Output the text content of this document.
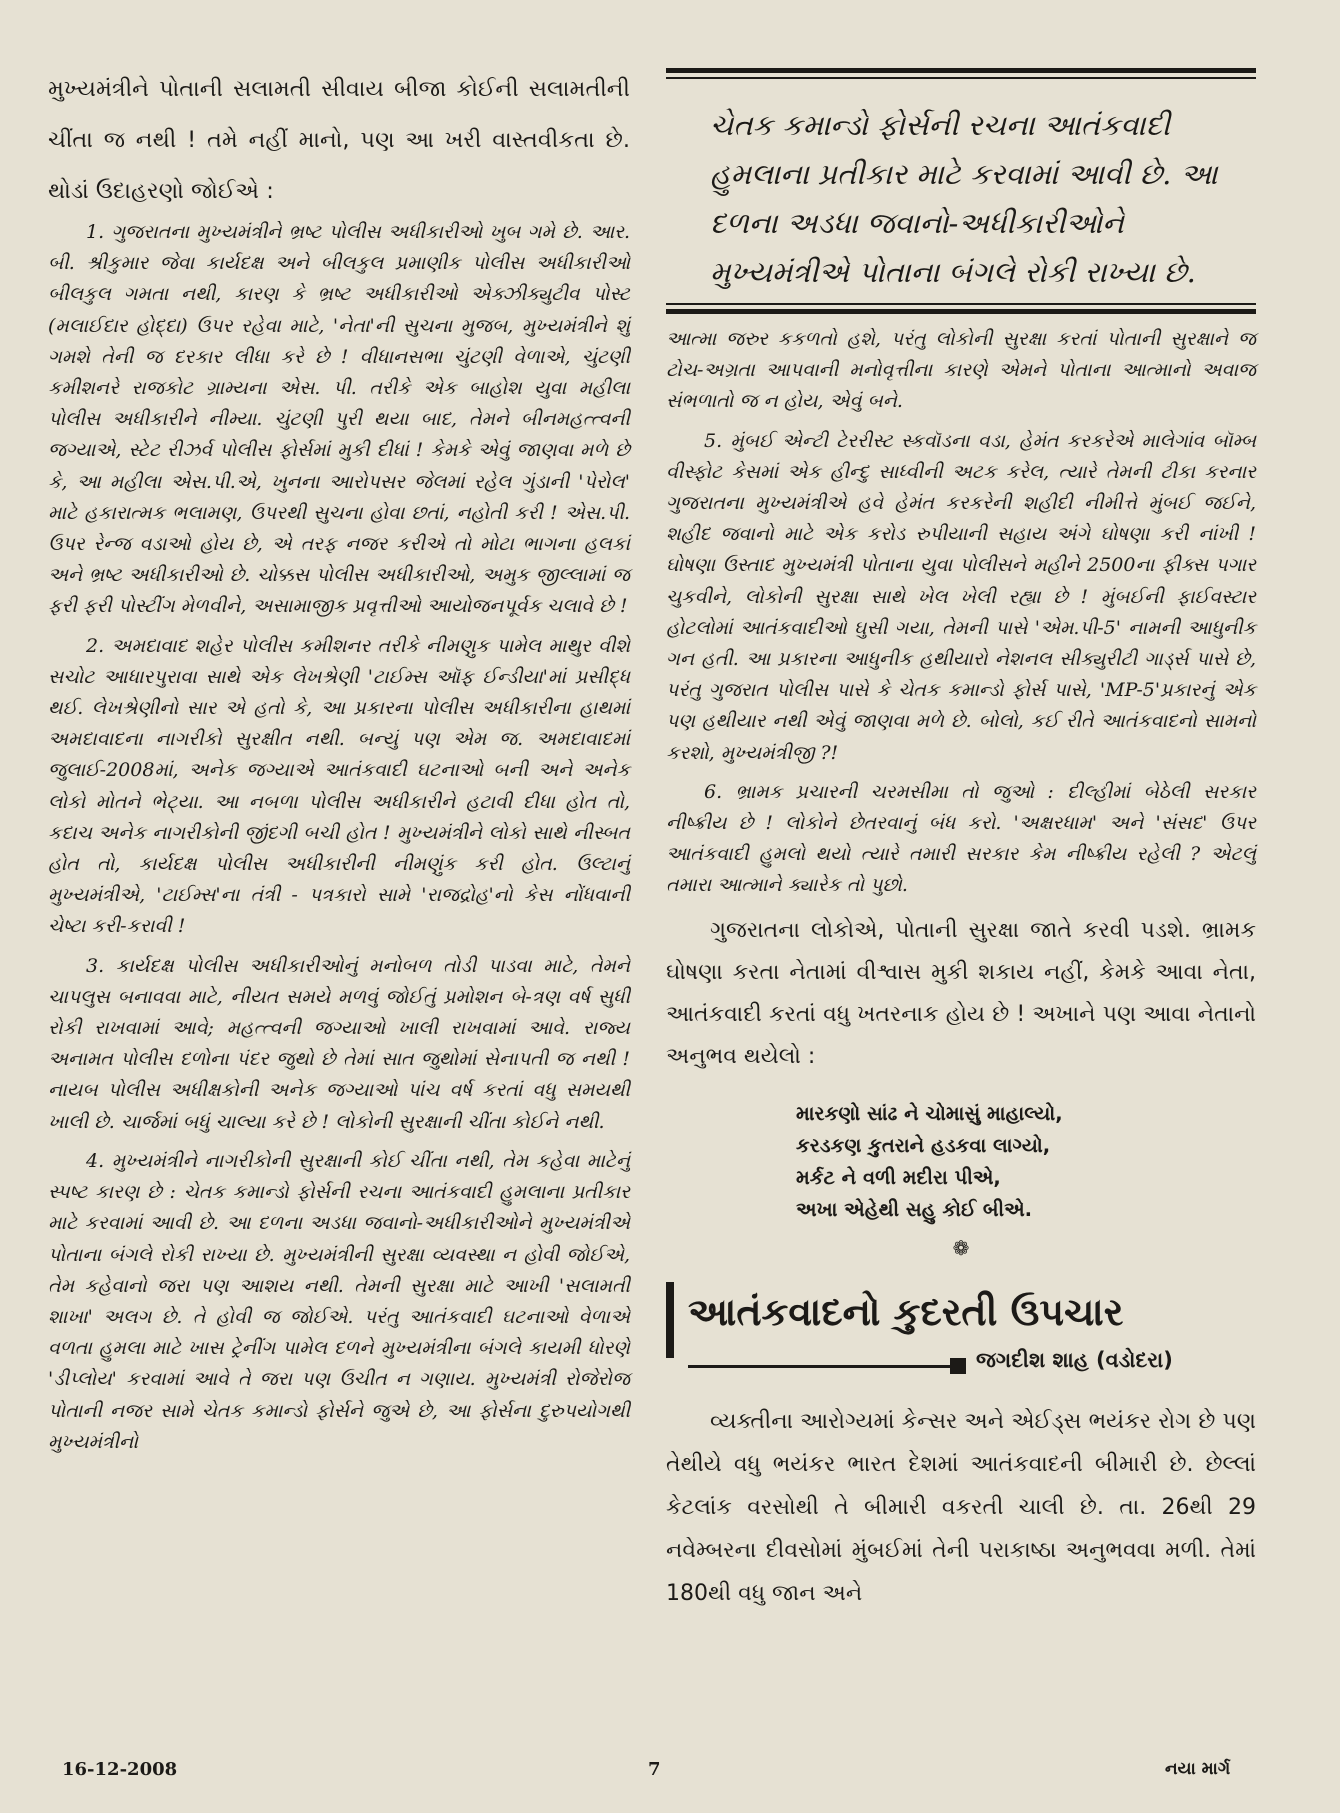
મુખ્યમંત્રીને પોતાની સલામતી સીવાય બીજા કોઈની સલામતીની ચીંતા જ નથી ! તમે નહીં માનો, પણ આ ખરી વાસ્તવીકતા છે. થોડાં ઉદાહરણો જોઈએ :

1. ગુજરાતના મુખ્યમંત્રીને ભ્રષ્ટ પોલીસ અધીકારીઓ ખુબ ગમે છે. આર. બી. શ્રીકુમાર જેવા કાર્યદક્ષ અને બીલકુલ પ્રમાણીક પોલીસ અધીકારીઓ બીલકુલ ગમતા નથી, કારણ કે ભ્રષ્ટ અધીકારીઓ એક્ઝીક્યુટીવ પોસ્ટ (મલાઈદાર હોદ્દા) ઉપર રહેવા માટે, 'નેતા'ની સુચના મુજબ, મુખ્યમંત્રીને શું ગમશે તેની જ દરકાર લીધા કરે છે ! વીધાનસભા ચુંટણી વેળાએ, ચુંટણી કમીશનરે રાજકોટ ગ્રામ્યના એસ. પી. તરીકે એક બાહોશ યુવા મહીલા પોલીસ અધીકારીને નીમ્યા. ચુંટણી પુરી થયા બાદ, તેમને બીનમહત્ત્વની જગ્યાએ, સ્ટેટ રીઝર્વ પોલીસ ફોર્સમાં મુકી દીધાં ! કેમકે એવું જાણવા મળે છે કે, આ મહીલા એસ.પી.એ, ખુનના આરોપસર જેલમાં રહેલ ગુંડાની 'પેરોલ' માટે હકારાત્મક ભલામણ, ઉપરથી સુચના હોવા છતાં, નહોતી કરી ! એસ.પી. ઉપર રેન્જ વડાઓ હોય છે, એ તરફ નજર કરીએ તો મોટા ભાગના હલકાં અને ભ્રષ્ટ અધીકારીઓ છે. ચોક્કસ પોલીસ અધીકારીઓ, અમુક જીલ્લામાં જ ફરી ફરી પોસ્ટીંગ મેળવીને, અસામાજીક પ્રવૃત્તીઓ આયોજનપૂર્વક ચલાવે છે !

2. અમદાવાદ શહેર પોલીસ કમીશનર તરીકે નીમણુક પામેલ માથુર વીશે સચોટ આધારપુરાવા સાથે એક લેખશ્રેણી 'ટાઈમ્સ ઑફ ઈન્ડીયા'માં પ્રસીદ્ધ થઈ. લેખશ્રેણીનો સાર એ હતો કે, આ પ્રકારના પોલીસ અધીકારીના હાથમાં અમદાવાદના નાગરીકો સુરક્ષીત નથી. બન્યું પણ એમ જ. અમદાવાદમાં જુલાઈ-2008માં, અનેક જગ્યાએ આતંકવાદી ઘટનાઓ બની અને અનેક લોકો મોતને ભેટ્યા. આ નબળા પોલીસ અધીકારીને હટાવી દીધા હોત તો, કદાચ અનેક નાગરીકોની જીંદગી બચી હોત ! મુખ્યમંત્રીને લોકો સાથે નીસ્બત હોત તો, કાર્યદક્ષ પોલીસ અધીકારીની નીમણુંક કરી હોત. ઉલ્ટાનું મુખ્યમંત્રીએ, 'ટાઈમ્સ'ના તંત્રી - પત્રકારો સામે 'રાજદ્રોહ'નો કેસ નોંધવાની ચેષ્ટા કરી-કરાવી !

3. કાર્યદક્ષ પોલીસ અધીકારીઓનું મનોબળ તોડી પાડવા માટે, તેમને ચાપલુસ બનાવવા માટે, નીયત સમયે મળવું જોઈતું પ્રમોશન બે-ત્રણ વર્ષ સુધી રોકી રાખવામાં આવે; મહત્ત્વની જગ્યાઓ ખાલી રાખવામાં આવે. રાજ્ય અનામત પોલીસ દળોના પંદર જુથો છે તેમાં સાત જુથોમાં સેનાપતી જ નથી ! નાયબ પોલીસ અધીક્ષકોની અનેક જગ્યાઓ પાંચ વર્ષ કરતાં વધુ સમયથી ખાલી છે. ચાર્જમાં બધું ચાલ્યા કરે છે ! લોકોની સુરક્ષાની ચીંતા કોઈને નથી.

4. મુખ્યમંત્રીને નાગરીકોની સુરક્ષાની કોઈ ચીંતા નથી, તેમ કહેવા માટેનું સ્પષ્ટ કારણ છે : ચેતક કમાન્ડો ફોર્સની રચના આતંકવાદી હુમલાના પ્રતીકાર માટે કરવામાં આવી છે. આ દળના અડધા જવાનો-અધીકારીઓને મુખ્યમંત્રીએ પોતાના બંગલે રોકી રાખ્યા છે. મુખ્યમંત્રીની સુરક્ષા વ્યવસ્થા ન હોવી જોઈએ, તેમ કહેવાનો જરા પણ આશય નથી. તેમની સુરક્ષા માટે આખી 'સલામતી શાખા' અલગ છે. તે હોવી જ જોઈએ. પરંતુ આતંકવાદી ઘટનાઓ વેળાએ વળતા હુમલા માટે ખાસ ટ્રેનીંગ પામેલ દળને મુખ્યમંત્રીના બંગલે કાયમી ધોરણે 'ડીપ્લોય' કરવામાં આવે તે જરા પણ ઉચીત ન ગણાય. મુખ્યમંત્રી રોજેરોજ પોતાની નજર સામે ચેતક કમાન્ડો ફોર્સને જુએ છે, આ ફોર્સના દુરુપયોગથી મુખ્યમંત્રીનો

ચેતક કમાન્ડો ફોર્સની રચના આતંકવાદી હુમલાના પ્રતીકાર માટે કરવામાં આવી છે. આ દળના અડધા જવાનો-અધીકારીઓને મુખ્યમંત્રીએ પોતાના બંગલે રોકી રાખ્યા છે.

આત્મા જરુર કકળતો હશે, પરંતુ લોકોની સુરક્ષા કરતાં પોતાની સુરક્ષાને જ ટોચ-અગ્રતા આપવાની મનોવૃત્તીના કારણે એમને પોતાના આત્માનો અવાજ સંભળાતો જ ન હોય, એવું બને.

5. મુંબઈ એન્ટી ટેરરીસ્ટ સ્કવૉડના વડા, હેમંત કરકરેએ માલેગાંવ બૉમ્બ વીસ્ફોટ કેસમાં એક હીન્દુ સાધ્વીની અટક કરેલ, ત્યારે તેમની ટીકા કરનાર ગુજરાતના મુખ્યમંત્રીએ હવે હેમંત કરકરેની શહીદી નીમીત્તે મુંબઈ જઈને, શહીદ જવાનો માટે એક કરોડ રુપીયાની સહાય અંગે ઘોષણા કરી નાંખી ! ઘોષણા ઉસ્તાદ મુખ્યમંત્રી પોતાના યુવા પોલીસને મહીને 2500ના ફીક્સ પગાર ચુકવીને, લોકોની સુરક્ષા સાથે ખેલ ખેલી રહ્યા છે ! મુંબઈની ફાઈવસ્ટાર હોટલોમાં આતંકવાદીઓ ઘુસી ગયા, તેમની પાસે 'એમ.પી-5' નામની આધુનીક ગન હતી. આ પ્રકારના આધુનીક હથીયારો નેશનલ સીક્યુરીટી ગાર્ડ્સ પાસે છે, પરંતુ ગુજરાત પોલીસ પાસે કે ચેતક કમાન્ડો ફોર્સ પાસે, 'MP-5'પ્રકારનું એક પણ હથીયાર નથી એવું જાણવા મળે છે. બોલો, કઈ રીતે આતંકવાદનો સામનો કરશો, મુખ્યમંત્રીજી ?!

6. ભ્રામક પ્રચારની ચરમસીમા તો જુઓ : દીલ્હીમાં બેઠેલી સરકાર નીષ્ક્રીય છે ! લોકોને છેતરવાનું બંધ કરો. 'અક્ષરધામ' અને 'સંસદ' ઉપર આતંકવાદી હુમલો થયો ત્યારે તમારી સરકાર કેમ નીષ્ક્રીય રહેલી ? એટલું તમારા આત્માને ક્યારેક તો પુછો.

ગુજરાતના લોકોએ, પોતાની સુરક્ષા જાતે કરવી પડશે. ભ્રામક ઘોષણા કરતા નેતામાં વીશ્વાસ મુકી શકાય નહીં, કેમકે આવા નેતા, આતંકવાદી કરતાં વધુ ખતરનાક હોય છે ! અખાને પણ આવા નેતાનો અનુભવ થયેલો :

મારકણો સાંઢ ને ચોમાસું માહાલ્યો,
કરડકણ કુતરાને હડકવા લાગ્યો,
મર્કટ ને વળી મદીરા પીએ,
અખા એહેથી સહુ કોઈ બીએ.
❁
આતંકવાદનો કુદરતી ઉપચાર
જગદીશ શાહ (વડોદરા)

વ્યક્તીના આરોગ્યમાં કેન્સર અને એઈડ્સ ભયંકર રોગ છે પણ તેથીયે વધુ ભયંકર ભારત દેશમાં આતંકવાદની બીમારી છે. છેલ્લાં કેટલાંક વરસોથી તે બીમારી વકરતી ચાલી છે. તા. 26થી 29 નવેમ્બરના દીવસોમાં મુંબઈમાં તેની પરાકાષ્ઠા અનુભવવા મળી. તેમાં 180થી વધુ જાન અને

16-12-2008	7	નયા માર્ગ
